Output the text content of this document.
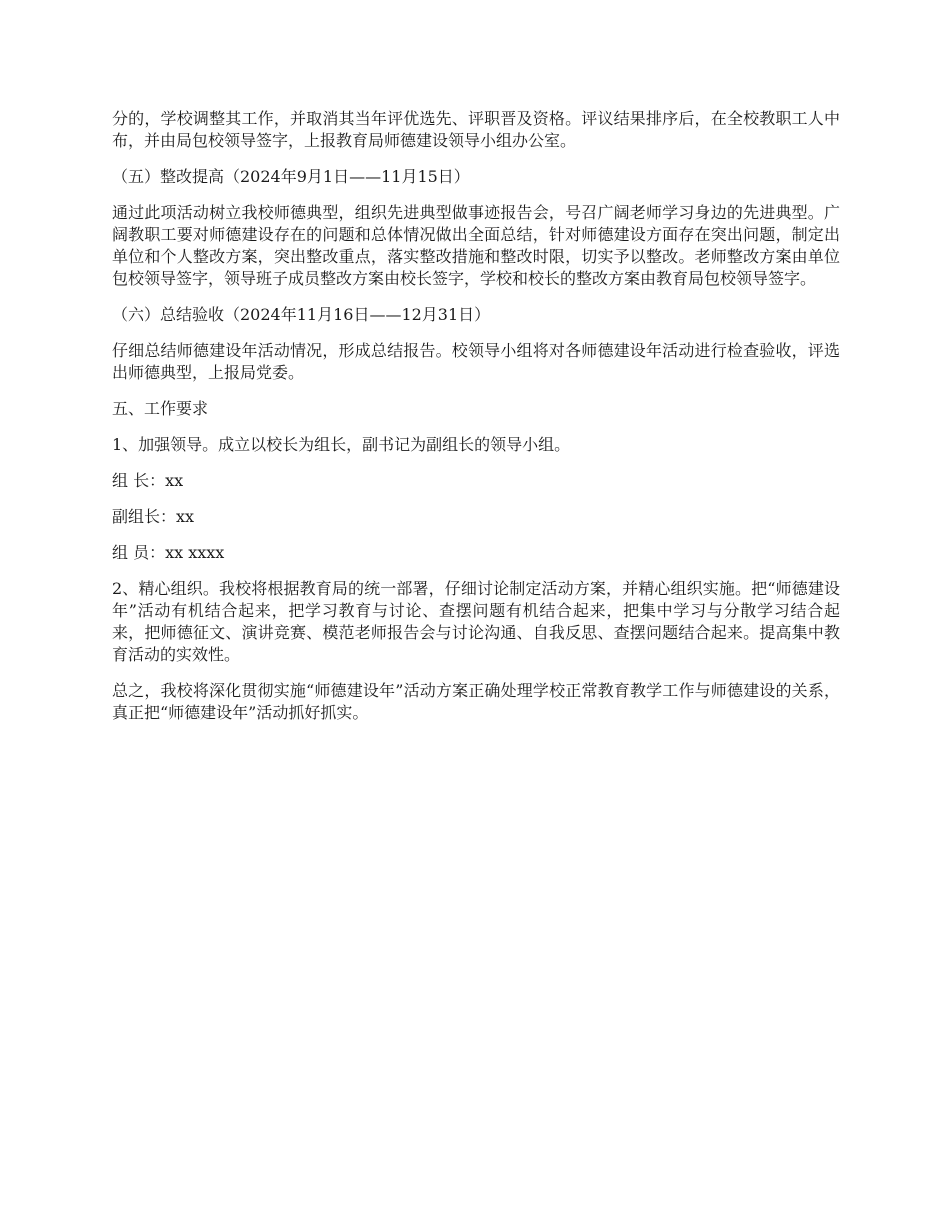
分的，学校调整其工作，并取消其当年评优选先、评职晋及资格。评议结果排序后，在全校教职工人中布，并由局包校领导签字，上报教育局师德建设领导小组办公室。

（五）整改提高（2024年9月1日——11月15日）

通过此项活动树立我校师德典型，组织先进典型做事迹报告会，号召广阔老师学习身边的先进典型。广阔教职工要对师德建设存在的问题和总体情况做出全面总结，针对师德建设方面存在突出问题，制定出单位和个人整改方案，突出整改重点，落实整改措施和整改时限，切实予以整改。老师整改方案由单位包校领导签字，领导班子成员整改方案由校长签字，学校和校长的整改方案由教育局包校领导签字。

（六）总结验收（2024年11月16日——12月31日）

仔细总结师德建设年活动情况，形成总结报告。校领导小组将对各师德建设年活动进行检查验收，评选出师德典型，上报局党委。

五、工作要求

1、加强领导。成立以校长为组长，副书记为副组长的领导小组。

组 长：xx

副组长：xx

组 员：xx xxxx

2、精心组织。我校将根据教育局的统一部署，仔细讨论制定活动方案，并精心组织实施。把“师德建设年”活动有机结合起来，把学习教育与讨论、查摆问题有机结合起来，把集中学习与分散学习结合起来，把师德征文、演讲竞赛、模范老师报告会与讨论沟通、自我反思、查摆问题结合起来。提高集中教育活动的实效性。

总之，我校将深化贯彻实施“师德建设年”活动方案正确处理学校正常教育教学工作与师德建设的关系，真正把“师德建设年”活动抓好抓实。
